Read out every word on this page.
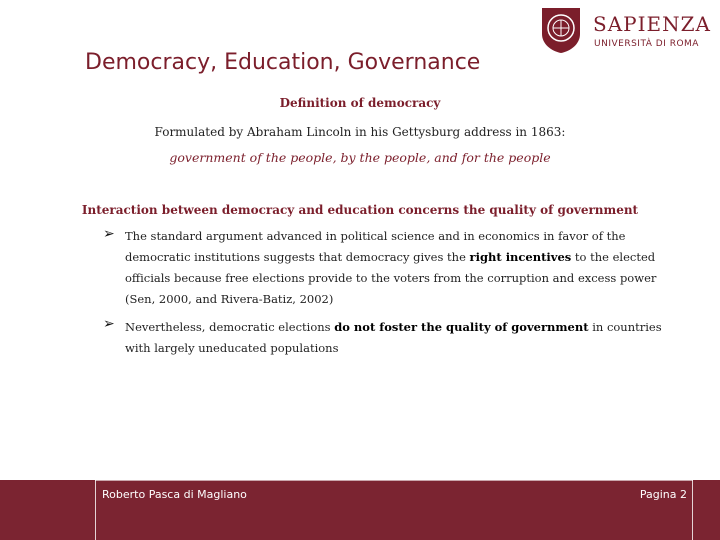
Democracy, Education, Governance
SAPIENZA
UNIVERSITÀ DI ROMA
Definition of democracy
Formulated by Abraham Lincoln in his Gettysburg address in 1863:
government of the people, by the people, and for the people
Interaction between democracy and education concerns the quality of government
➢ The standard argument advanced in political science and in economics in favor of the democratic institutions suggests that democracy gives the right incentives to the elected officials because free elections provide to the voters from the corruption and excess power (Sen, 2000, and Rivera-Batiz, 2002)
➢ Nevertheless, democratic elections do not foster the quality of government in countries with largely uneducated populations
Roberto Pasca di Magliano	Pagina 2
